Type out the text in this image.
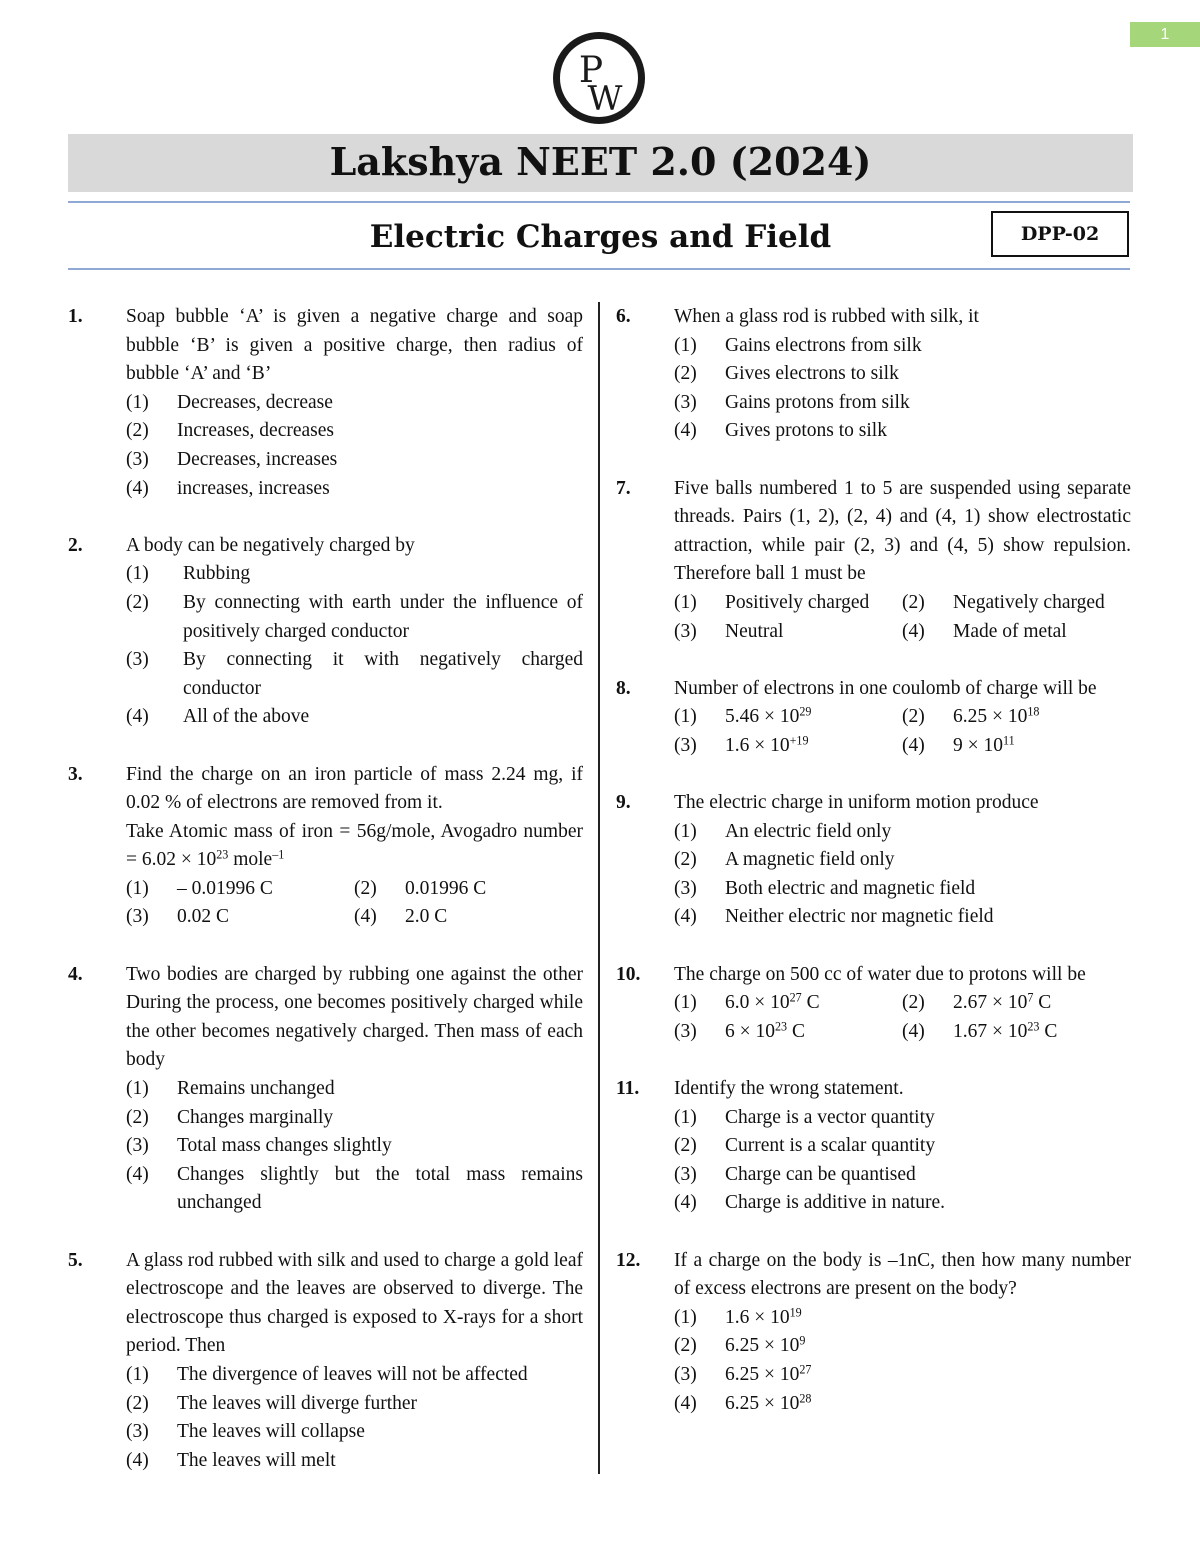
1
P
W
Lakshya NEET 2.0 (2024)
Electric Charges and Field	DPP-02
1. Soap bubble ‘A’ is given a negative charge and soap bubble ‘B’ is given a positive charge, then radius of bubble ‘A’ and ‘B’
(1) Decreases, decrease
(2) Increases, decreases
(3) Decreases, increases
(4) increases, increases
2. A body can be negatively charged by
(1) Rubbing
(2) By connecting with earth under the influence of positively charged conductor
(3) By connecting it with negatively charged conductor
(4) All of the above
3. Find the charge on an iron particle of mass 2.24 mg, if 0.02 % of electrons are removed from it.
Take Atomic mass of iron = 56g/mole, Avogadro number = $6.02 \times 10^{23}$ mole$^{-1}$
(1) – 0.01996 C	(2) 0.01996 C
(3) 0.02 C	(4) 2.0 C
4. Two bodies are charged by rubbing one against the other During the process, one becomes positively charged while the other becomes negatively charged. Then mass of each body
(1) Remains unchanged
(2) Changes marginally
(3) Total mass changes slightly
(4) Changes slightly but the total mass remains unchanged
5. A glass rod rubbed with silk and used to charge a gold leaf electroscope and the leaves are observed to diverge. The electroscope thus charged is exposed to X-rays for a short period. Then
(1) The divergence of leaves will not be affected
(2) The leaves will diverge further
(3) The leaves will collapse
(4) The leaves will melt
6. When a glass rod is rubbed with silk, it
(1) Gains electrons from silk
(2) Gives electrons to silk
(3) Gains protons from silk
(4) Gives protons to silk
7. Five balls numbered 1 to 5 are suspended using separate threads. Pairs (1, 2), (2, 4) and (4, 1) show electrostatic attraction, while pair (2, 3) and (4, 5) show repulsion. Therefore ball 1 must be
(1) Positively charged	(2) Negatively charged
(3) Neutral	(4) Made of metal
8. Number of electrons in one coulomb of charge will be
(1) $5.46 \times 10^{29}$	(2) $6.25 \times 10^{18}$
(3) $1.6 \times 10^{+19}$	(4) $9 \times 10^{11}$
9. The electric charge in uniform motion produce
(1) An electric field only
(2) A magnetic field only
(3) Both electric and magnetic field
(4) Neither electric nor magnetic field
10. The charge on 500 cc of water due to protons will be
(1) $6.0 \times 10^{27}$ C	(2) $2.67 \times 10^7$ C
(3) $6 \times 10^{23}$ C	(4) $1.67 \times 10^{23}$ C
11. Identify the wrong statement.
(1) Charge is a vector quantity
(2) Current is a scalar quantity
(3) Charge can be quantised
(4) Charge is additive in nature.
12. If a charge on the body is –1nC, then how many number of excess electrons are present on the body?
(1) $1.6 \times 10^{19}$
(2) $6.25 \times 10^9$
(3) $6.25 \times 10^{27}$
(4) $6.25 \times 10^{28}$
